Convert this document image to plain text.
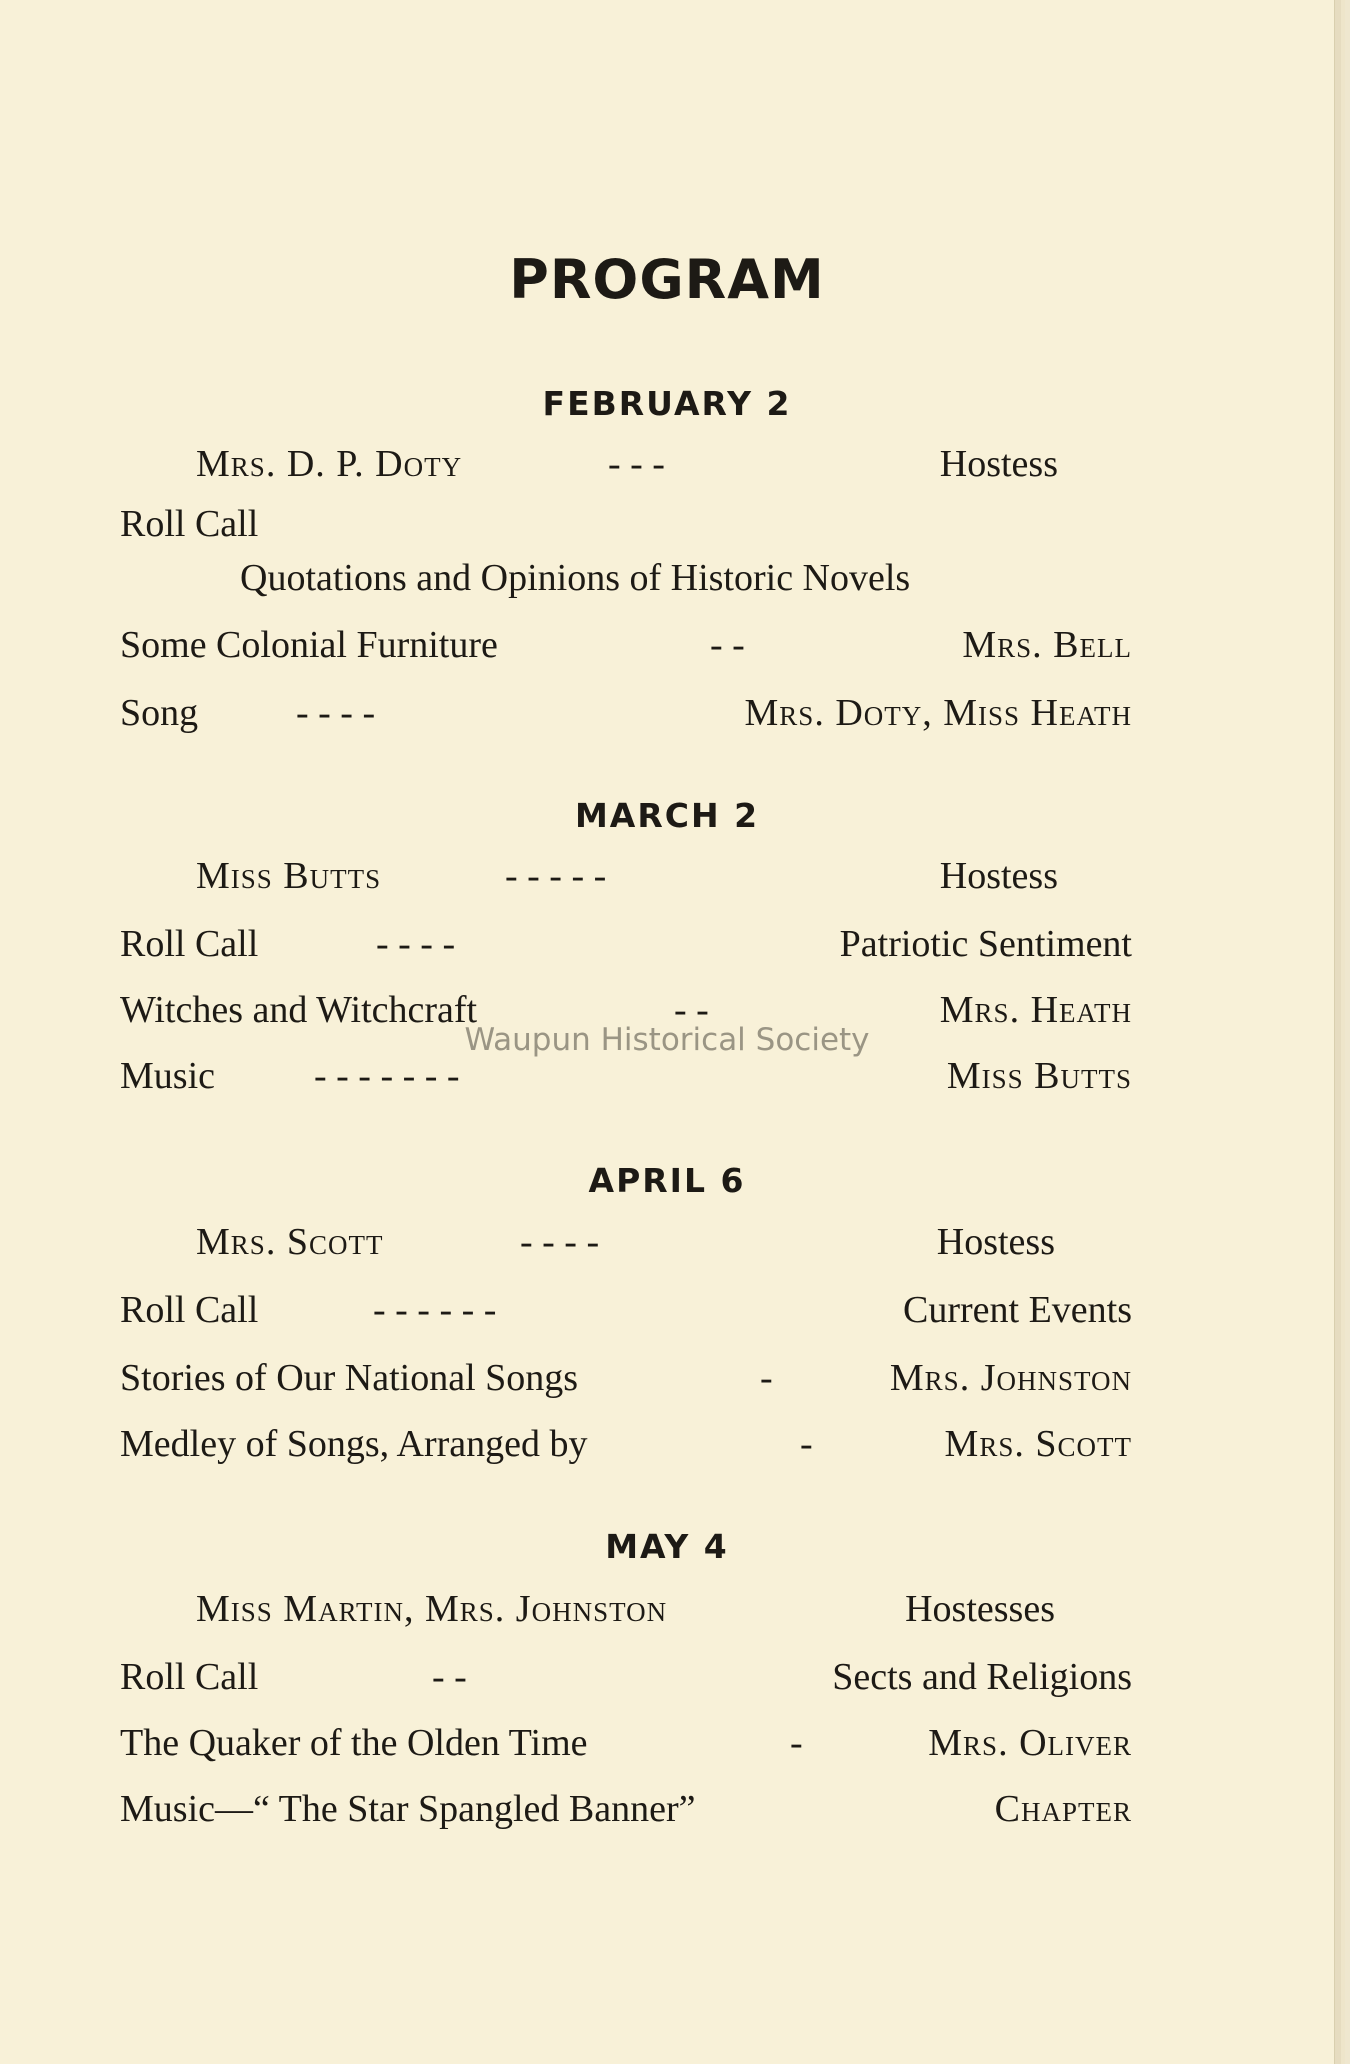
PROGRAM
FEBRUARY 2
Mrs. D. P. Doty	- - -	Hostess
Roll Call
Quotations and Opinions of Historic Novels
Some Colonial Furniture	- -	Mrs. Bell
Song	- - - -	Mrs. Doty, Miss Heath
MARCH 2
Miss Butts	- - - - -	Hostess
Roll Call	- - - -	Patriotic Sentiment
Witches and Witchcraft	- -	Mrs. Heath
Music	- - - - - - -	Miss Butts
APRIL 6
Mrs. Scott	- - - -	Hostess
Roll Call	- - - - - -	Current Events
Stories of Our National Songs	-	Mrs. Johnston
Medley of Songs, Arranged by	-	Mrs. Scott
MAY 4
Miss Martin, Mrs. Johnston	Hostesses
Roll Call	- -	Sects and Religions
The Quaker of the Olden Time	-	Mrs. Oliver
Music—“ The Star Spangled Banner”	Chapter
Waupun Historical Society
